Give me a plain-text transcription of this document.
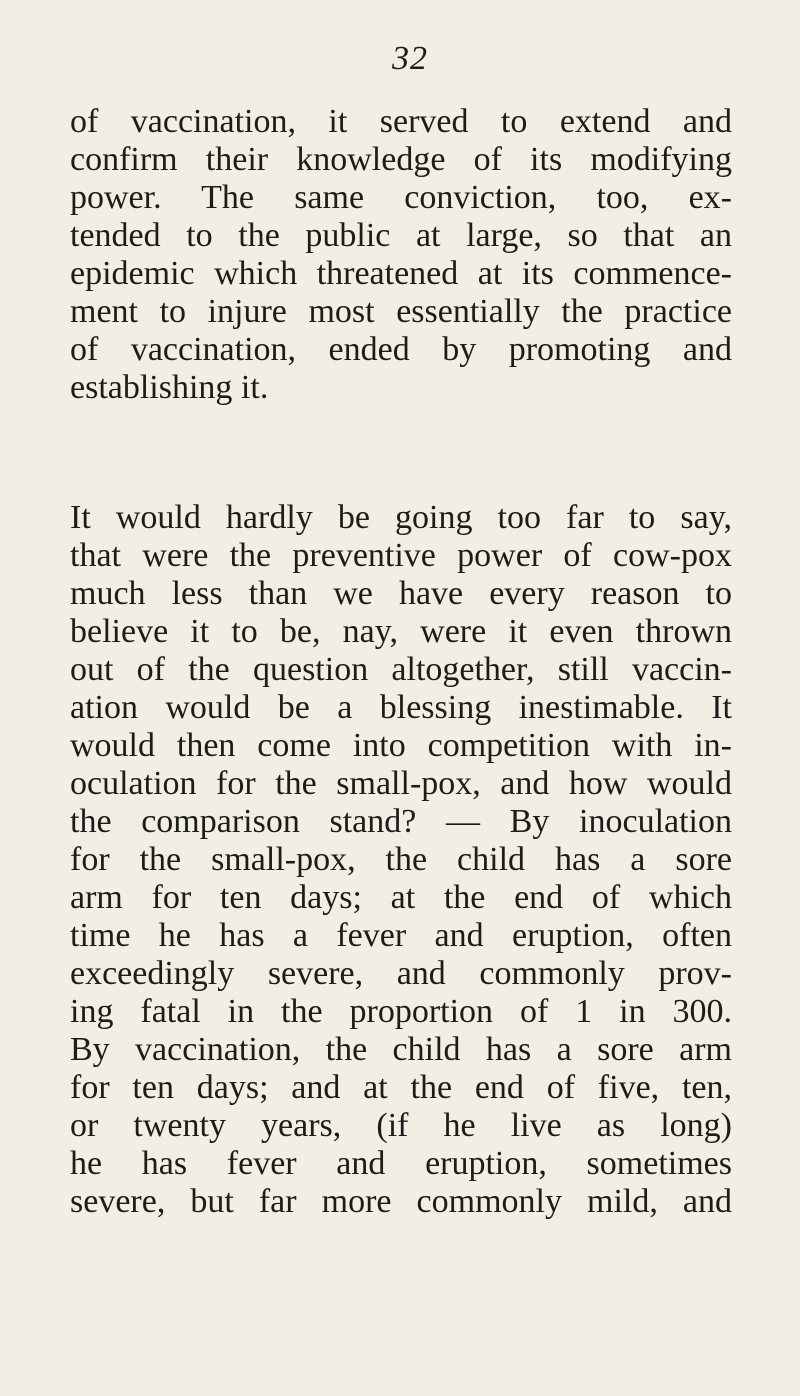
32
of vaccination, it served to extend and
confirm their knowledge of its modifying
power. The same conviction, too, ex-
tended to the public at large, so that an
epidemic which threatened at its commence-
ment to injure most essentially the practice
of vaccination, ended by promoting and
establishing it.
It would hardly be going too far to say,
that were the preventive power of cow-pox
much less than we have every reason to
believe it to be, nay, were it even thrown
out of the question altogether, still vaccin-
ation would be a blessing inestimable. It
would then come into competition with in-
oculation for the small-pox, and how would
the comparison stand? — By inoculation
for the small-pox, the child has a sore
arm for ten days; at the end of which
time he has a fever and eruption, often
exceedingly severe, and commonly prov-
ing fatal in the proportion of 1 in 300.
By vaccination, the child has a sore arm
for ten days; and at the end of five, ten,
or twenty years, (if he live as long)
he has fever and eruption, sometimes
severe, but far more commonly mild, and
